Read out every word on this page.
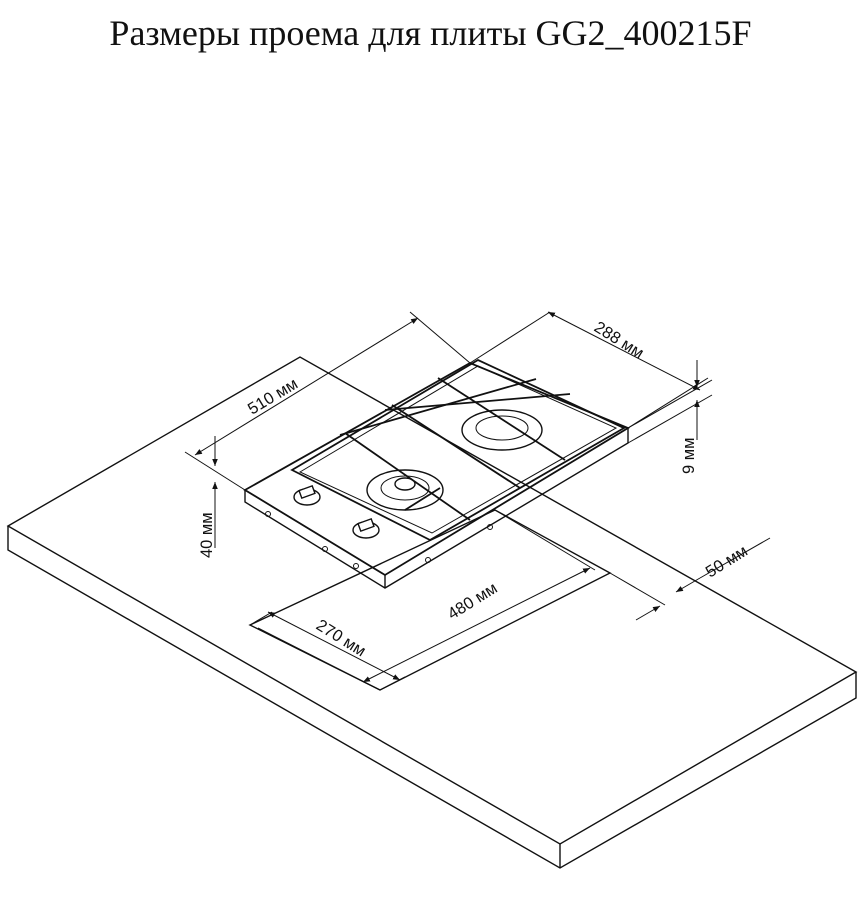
Размеры проема для плиты GG2_400215F
510 мм
288 мм
9 мм
40 мм
480 мм
270 мм
50 мм
